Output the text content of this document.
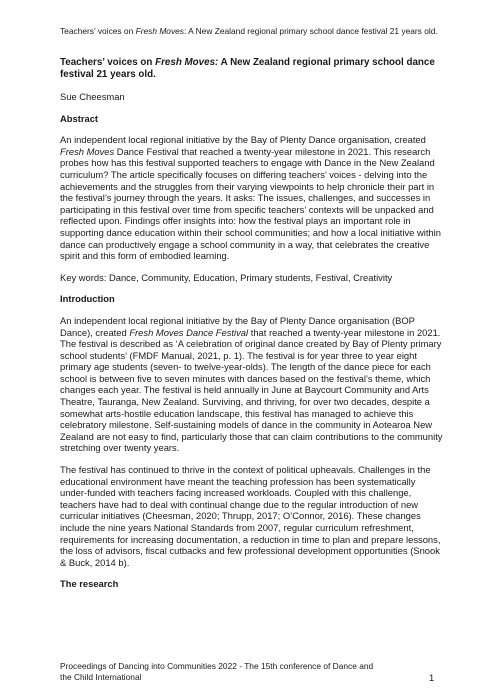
Teachers’ voices on Fresh Moves: A New Zealand regional primary school dance festival 21 years old.
Teachers’ voices on Fresh Moves: A New Zealand regional primary school dance festival 21 years old.
Sue Cheesman
Abstract
An independent local regional initiative by the Bay of Plenty Dance organisation, created Fresh Moves Dance Festival that reached a twenty-year milestone in 2021. This research probes how has this festival supported teachers to engage with Dance in the New Zealand curriculum? The article specifically focuses on differing teachers’ voices - delving into the achievements and the struggles from their varying viewpoints to help chronicle their part in the festival’s journey through the years. It asks: The issues, challenges, and successes in participating in this festival over time from specific teachers’ contexts will be unpacked and reflected upon. Findings offer insights into: how the festival plays an important role in supporting dance education within their school communities; and how a local initiative within dance can productively engage a school community in a way, that celebrates the creative spirit and this form of embodied learning.
Key words: Dance, Community, Education, Primary students, Festival, Creativity
Introduction
An independent local regional initiative by the Bay of Plenty Dance organisation (BOP Dance), created Fresh Moves Dance Festival that reached a twenty-year milestone in 2021. The festival is described as ‘A celebration of original dance created by Bay of Plenty primary school students’ (FMDF Manual, 2021, p. 1). The festival is for year three to year eight primary age students (seven- to twelve-year-olds). The length of the dance piece for each school is between five to seven minutes with dances based on the festival’s theme, which changes each year. The festival is held annually in June at Baycourt Community and Arts Theatre, Tauranga, New Zealand. Surviving, and thriving, for over two decades, despite a somewhat arts-hostile education landscape, this festival has managed to achieve this celebratory milestone. Self-sustaining models of dance in the community in Aotearoa New Zealand are not easy to find, particularly those that can claim contributions to the community stretching over twenty years.
The festival has continued to thrive in the context of political upheavals. Challenges in the educational environment have meant the teaching profession has been systematically under-funded with teachers facing increased workloads. Coupled with this challenge, teachers have had to deal with continual change due to the regular introduction of new curricular initiatives (Cheesman, 2020; Thrupp, 2017; O’Connor, 2016). These changes include the nine years National Standards from 2007, regular curriculum refreshment, requirements for increasing documentation, a reduction in time to plan and prepare lessons, the loss of advisors, fiscal cutbacks and few professional development opportunities (Snook & Buck, 2014 b).
The research
Proceedings of Dancing into Communities 2022 - The 15th conference of Dance and the Child International	1
